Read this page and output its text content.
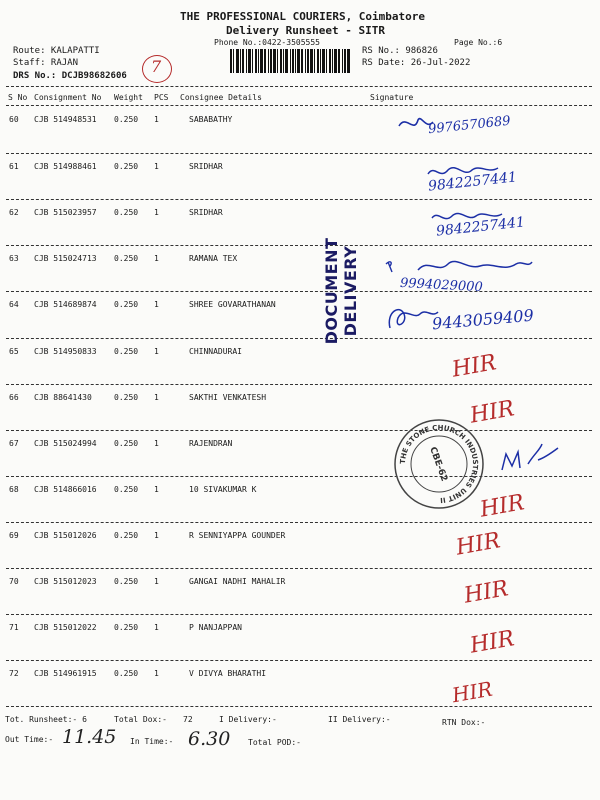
THE PROFESSIONAL COURIERS, Coimbatore
Delivery Runsheet - SITR
Phone No.:0422-3505555	Page No.:6
Route: KALAPATTI
Staff: RAJAN
DRS No.: DCJB98682606
RS No.: 986826
RS Date: 26-Jul-2022
7
S No Consignment No Weight PCS Consignee Details	Signature
60 CJB 514948531 0.250 1	SABABATHY
61 CJB 514988461 0.250 1	SRIDHAR
62 CJB 515023957 0.250 1	SRIDHAR
63 CJB 515024713 0.250 1	RAMANA TEX
64 CJB 514689874 0.250 1	SHREE GOVARATHANAN
65 CJB 514950833 0.250 1	CHINNADURAI
66 CJB 88641430	0.250 1	SAKTHI VENKATESH
67 CJB 515024994 0.250 1	RAJENDRAN
68 CJB 514866016 0.250 1	10 SIVAKUMAR K
69 CJB 515012026 0.250 1	R SENNIYAPPA GOUNDER
70 CJB 515012023 0.250 1	GANGAI NADHI MAHALIR
71 CJB 515012022 0.250 1	P NANJAPPAN
72 CJB 514961915 0.250 1	V DIVYA BHARATHI
DOCUMENT DELIVERY
THE STONE CHURCH INDUSTRIES UNIT II
CBE-62
9976570689
9842257441
9842257441
9994029000
9443059409
HIR
HIR
HIR
HIR
HIR
HIR
HIR
Tot. Runsheet:- 6	Total Dox:- 72	I Delivery:-	II Delivery:-	RTN Dox:-
Out Time:- 11.45 In Time:- 6.30 Total POD:-
